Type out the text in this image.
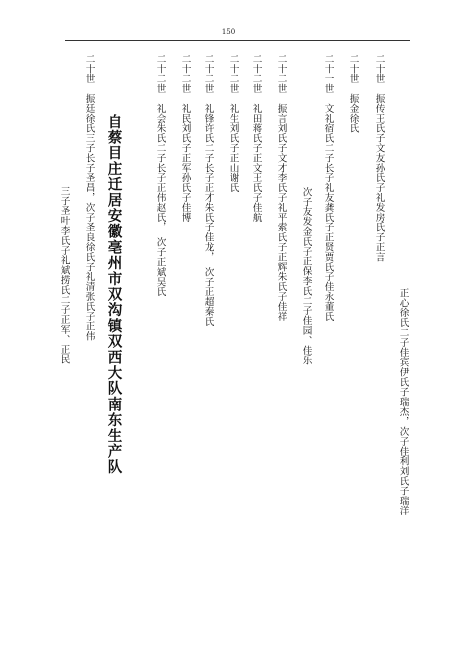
150
二十世　振传王氏子文友孙氏子礼发房氏子正言
正心徐氏二子佳宾伊氏子瑞杰，次子佳利刘氏子瑞洋
二十世　振金徐氏
二十一世　文礼宿氏二子长子礼友龚氏子正贤贾氏子佳永董氏
次子友发金氏子正保李氏二子佳园、佳乐
二十二世　振言刘氏子文才李氏子礼平索氏子正辉朱氏子佳祥
二十二世　礼田蒋氏子正文王氏子佳航
二十二世　礼生刘氏子正山谢氏
二十二世　礼锋许氏二子长子正才朱氏子佳龙，　次子正超秦氏
二十二世　礼民刘氏子正军孙氏子佳博
二十二世　礼会朱氏二子长子正伟赵氏，　次子正斌吴氏
自蔡目庄迁居安徽亳州市双沟镇双西大队南东生产队
二十世　振廷徐氏三子长子圣昌，次子圣良徐氏子礼清张氏子正伟
三子圣叶李氏子礼斌捞氏二子正军、正民
